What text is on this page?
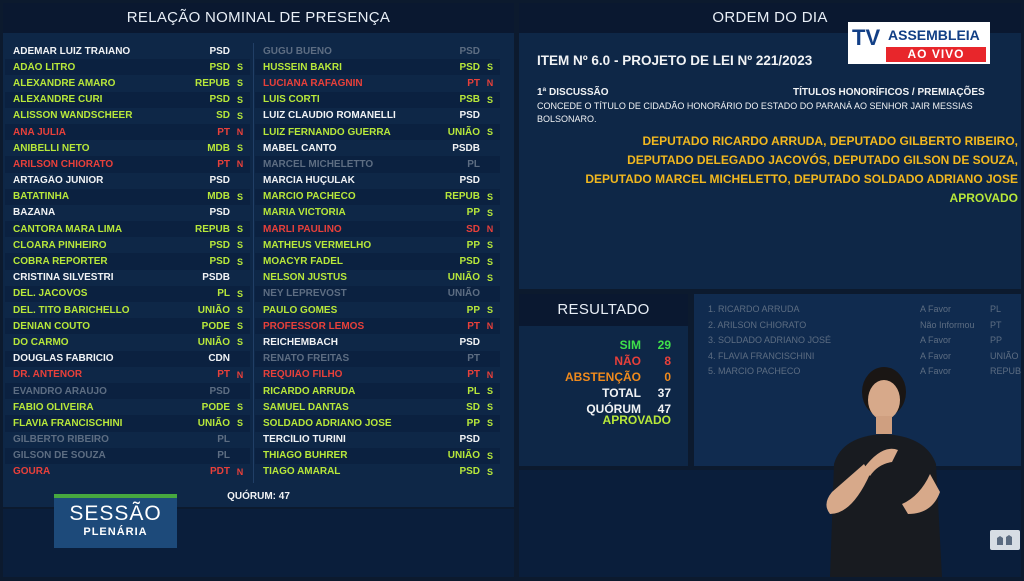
RELAÇÃO NOMINAL DE PRESENÇA
ADEMAR LUIZ TRAIANO	PSD
ADÃO LITRO	PSD S
ALEXANDRE AMARO	REPUB S
ALEXANDRE CURI	PSD S
ALISSON WANDSCHEER	SD S
ANA JULIA	PT N
ANIBELLI NETO	MDB S
ARILSON CHIORATO	PT N
ARTAGÃO JUNIOR	PSD
BATATINHA	MDB S
BAZANA	PSD
CANTORA MARA LIMA	REPUB S
CLOARA PINHEIRO	PSD S
COBRA REPÓRTER	PSD S
CRISTINA SILVESTRI	PSDB
DEL. JACOVÓS	PL S
DEL. TITO BARICHELLO	UNIÃO S
DENIAN COUTO	PODE S
DO CARMO	UNIÃO S
DOUGLAS FABRÍCIO	CDN
DR. ANTENOR	PT N
EVANDRO ARAÚJO	PSD
FABIO OLIVEIRA	PODE S
FLAVIA FRANCISCHINI	UNIÃO S
GILBERTO RIBEIRO	PL
GILSON DE SOUZA	PL
GOURA	PDT N
GUGU BUENO	PSD
HUSSEIN BAKRI	PSD S
LUCIANA RAFAGNIN	PT N
LUIS CORTI	PSB S
LUIZ CLAUDIO ROMANELLI	PSD
LUIZ FERNANDO GUERRA	UNIÃO S
MABEL CANTO	PSDB
MARCEL MICHELETTO	PL
MARCIA HUÇULAK	PSD
MARCIO PACHECO	REPUB S
MARIA VICTORIA	PP S
MARLI PAULINO	SD N
MATHEUS VERMELHO	PP S
MOACYR FADEL	PSD S
NELSON JUSTUS	UNIÃO S
NEY LEPREVOST	UNIÃO
PAULO GOMES	PP S
PROFESSOR LEMOS	PT N
REICHEMBACH	PSD
RENATO FREITAS	PT
REQUIÃO FILHO	PT N
RICARDO ARRUDA	PL S
SAMUEL DANTAS	SD S
SOLDADO ADRIANO JOSÉ	PP S
TERCÍLIO TURINI	PSD
THIAGO BUHRER	UNIÃO S
TIAGO AMARAL	PSD S
QUÓRUM: 47
SESSÃO
PLENÁRIA
ORDEM DO DIA
TV ASSEMBLEIA
AO VIVO
ITEM Nº 6.0 - PROJETO DE LEI Nº 221/2023
1ª DISCUSSÃO	TÍTULOS HONORÍFICOS / PREMIAÇÕES
CONCEDE O TÍTULO DE CIDADÃO HONORÁRIO DO ESTADO DO PARANÁ AO SENHOR JAIR MESSIAS BOLSONARO.
DEPUTADO RICARDO ARRUDA, DEPUTADO GILBERTO RIBEIRO,
DEPUTADO DELEGADO JACOVÓS, DEPUTADO GILSON DE SOUZA,
DEPUTADO MARCEL MICHELETTO, DEPUTADO SOLDADO ADRIANO JOSE
APROVADO
RESULTADO
SIM	29
NÃO	8
ABSTENÇÃO	0
TOTAL	37
QUÓRUM	47
APROVADO
1. RICARDO ARRUDA	A Favor	PL
2. ARILSON CHIORATO	Não Informou	PT
3. SOLDADO ADRIANO JOSÉ	A Favor	PP
4. FLAVIA FRANCISCHINI	A Favor	UNIÃO
5. MARCIO PACHECO	A Favor	REPUB
